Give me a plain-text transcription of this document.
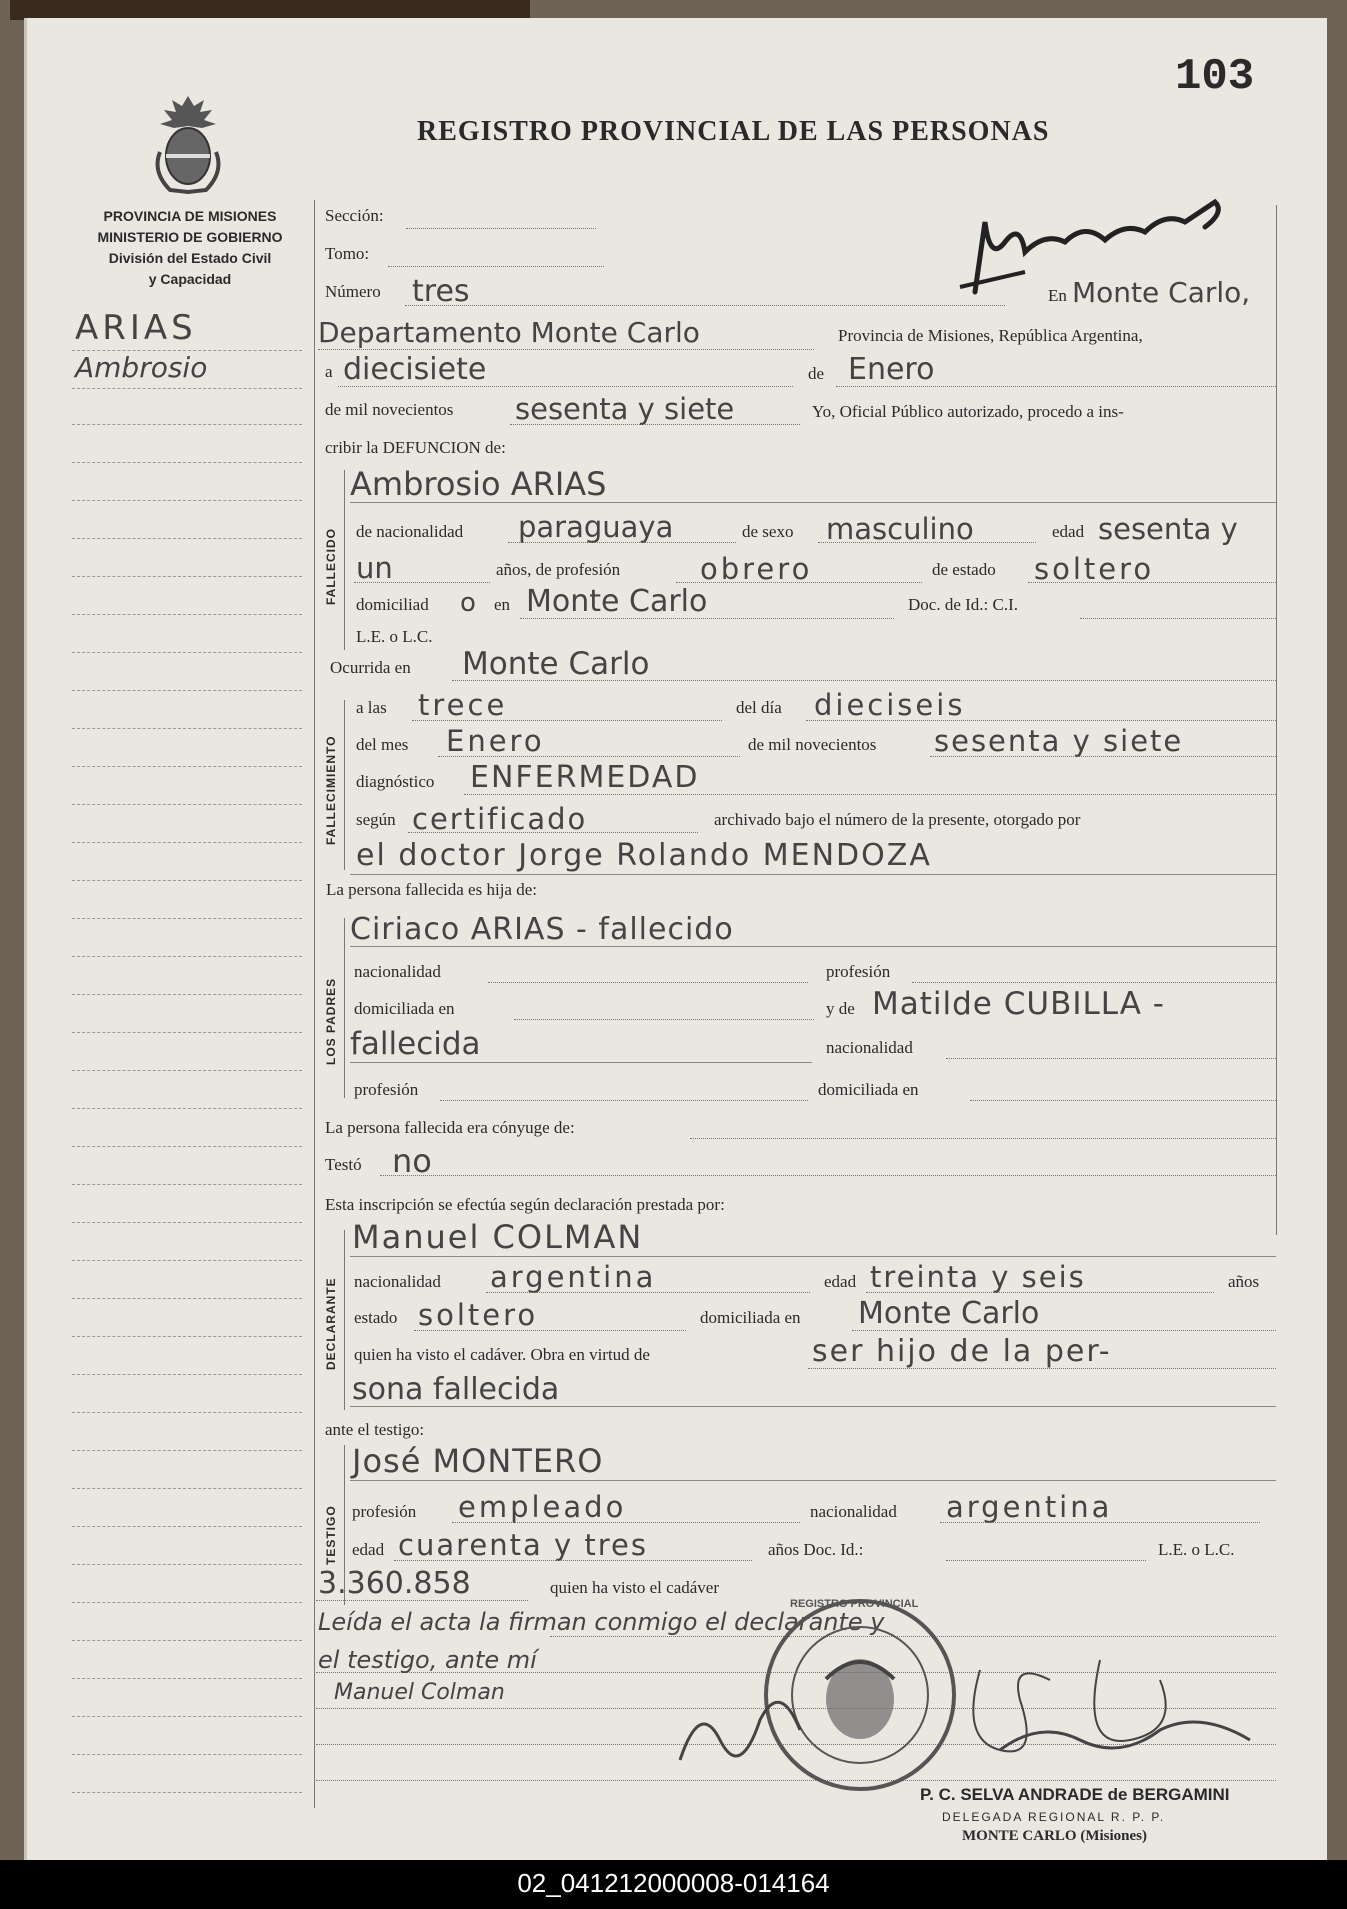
103
REGISTRO PROVINCIAL DE LAS PERSONAS
PROVINCIA DE MISIONES
MINISTERIO DE GOBIERNO
División del Estado Civil
y Capacidad
ARIAS
Ambrosio
FALLECIDO
FALLECIMIENTO
LOS PADRES
DECLARANTE
TESTIGO
Sección:
Tomo:
Número tres	En Monte Carlo,
Departamento Monte Carlo	Provincia de Misiones, República Argentina,
a diecisiete	de Enero
de mil novecientos sesenta y siete	Yo, Oficial Público autorizado, procedo a ins-
cribir la DEFUNCION de:
Ambrosio ARIAS
de nacionalidad paraguaya	de sexo masculino	edad sesenta y
un	años, de profesión	obrero	de estado soltero
domiciliad o en Monte Carlo	Doc. de Id.: C.I.
L.E. o L.C.
Ocurrida en Monte Carlo
a las trece	del día dieciseis
del mes Enero	de mil novecientos sesenta y siete
diagnóstico ENFERMEDAD
según certificado	archivado bajo el número de la presente, otorgado por
el doctor Jorge Rolando MENDOZA
La persona fallecida es hija de:
Ciriaco ARIAS - fallecido
nacionalidad	profesión
domiciliada en	y de Matilde CUBILLA -
fallecida	nacionalidad
profesión	domiciliada en
La persona fallecida era cónyuge de:
Testó no
Esta inscripción se efectúa según declaración prestada por:
Manuel COLMAN
nacionalidad argentina	edad treinta y seis	años
estado soltero	domiciliada en Monte Carlo
quien ha visto el cadáver. Obra en virtud de	ser hijo de la per-
sona fallecida
ante el testigo:
José MONTERO
profesión empleado	nacionalidad argentina
edad cuarenta y tres	años Doc. Id.:	L.E. o L.C.
3.360.858	quien ha visto el cadáver
Leída el acta la firman conmigo el declarante y
el testigo, ante mí
Manuel Colman
REGISTRO PROVINCIAL
P. C. SELVA ANDRADE de BERGAMINI
DELEGADA REGIONAL R. P. P.
MONTE CARLO (Misiones)
02_041212000008-014164
